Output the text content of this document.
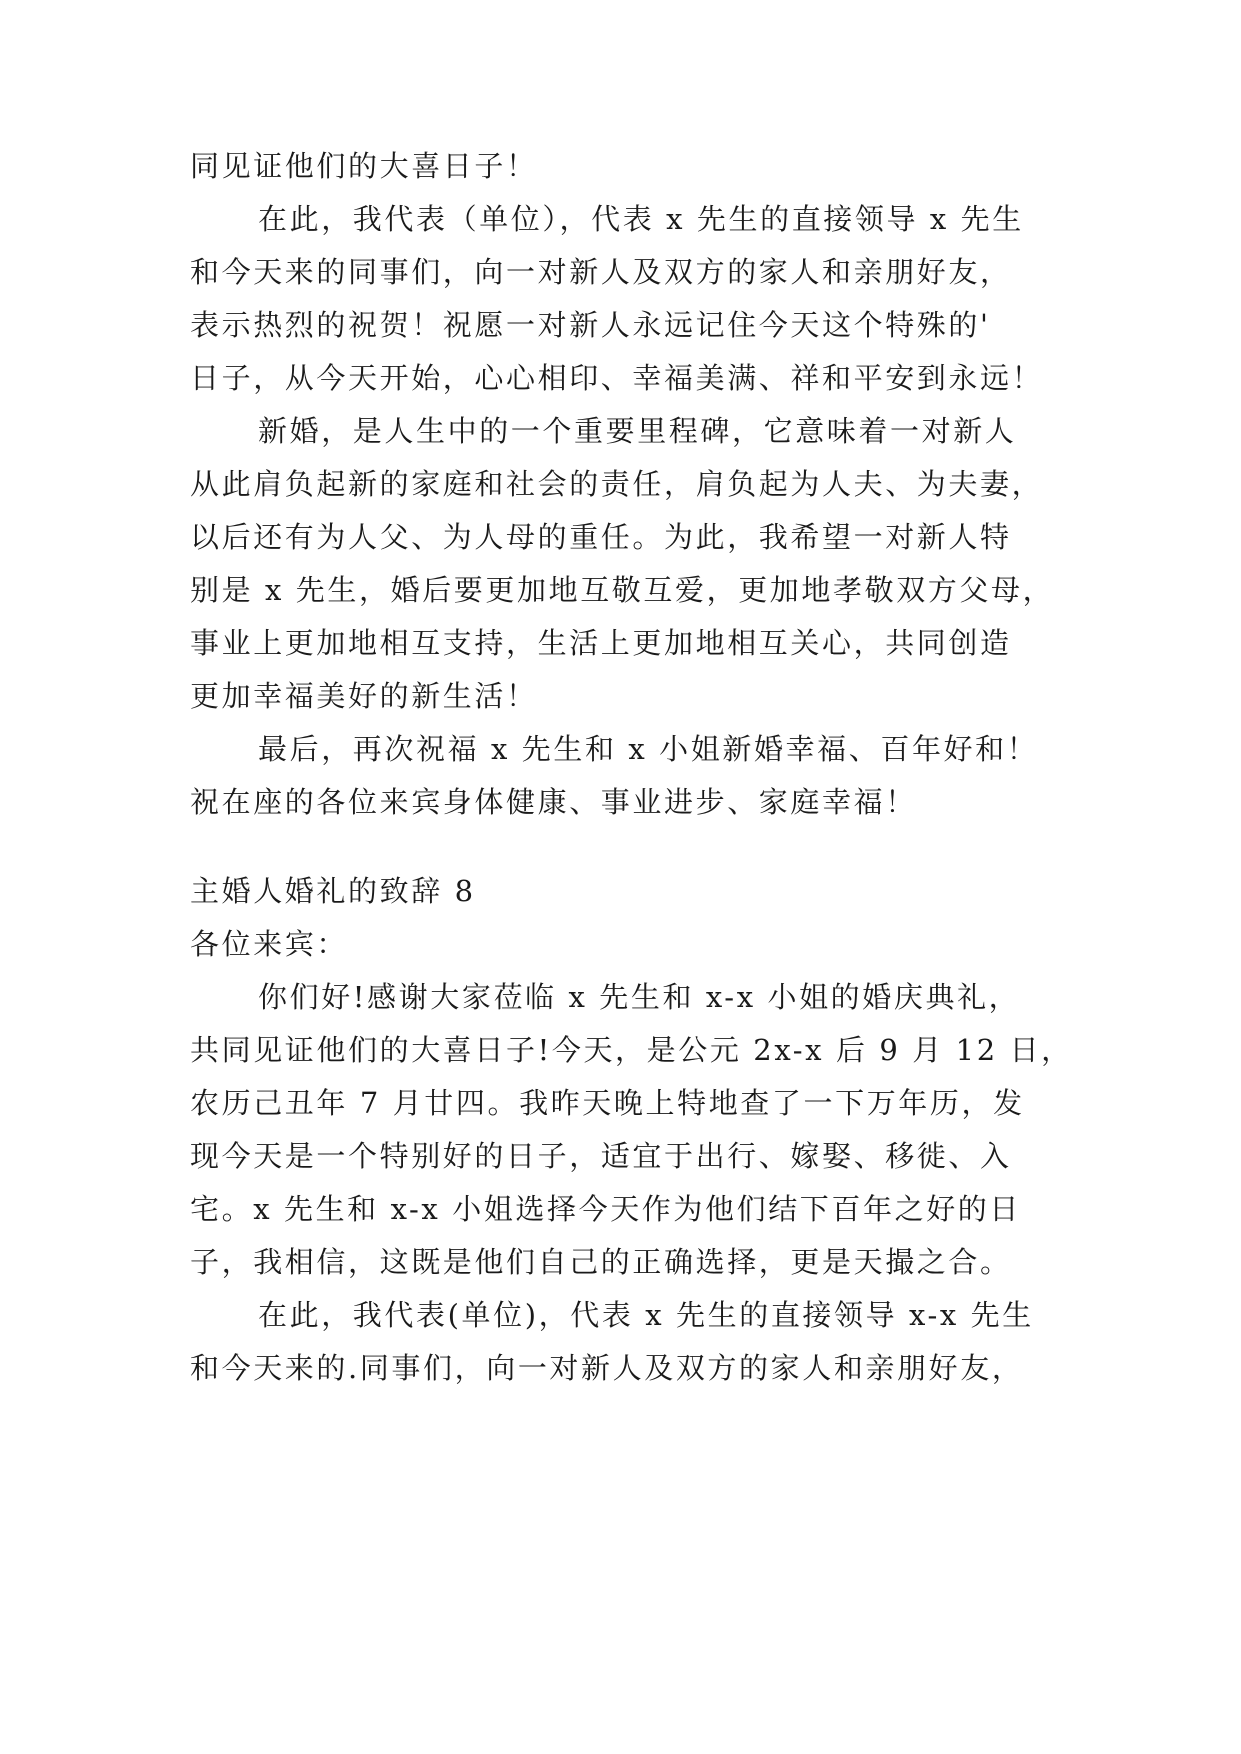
同见证他们的大喜日子！
在此，我代表（单位），代表 x 先生的直接领导 x 先生
和今天来的同事们，向一对新人及双方的家人和亲朋好友，
表示热烈的祝贺！祝愿一对新人永远记住今天这个特殊的'
日子，从今天开始，心心相印、幸福美满、祥和平安到永远！
新婚，是人生中的一个重要里程碑，它意味着一对新人
从此肩负起新的家庭和社会的责任，肩负起为人夫、为夫妻，
以后还有为人父、为人母的重任。为此，我希望一对新人特
别是 x 先生，婚后要更加地互敬互爱，更加地孝敬双方父母，
事业上更加地相互支持，生活上更加地相互关心，共同创造
更加幸福美好的新生活！
最后，再次祝福 x 先生和 x 小姐新婚幸福、百年好和！
祝在座的各位来宾身体健康、事业进步、家庭幸福！
主婚人婚礼的致辞 8
各位来宾：
你们好!感谢大家莅临 x 先生和 x-x 小姐的婚庆典礼，
共同见证他们的大喜日子!今天，是公元 2x-x 后 9 月 12 日，
农历己丑年 7 月廿四。我昨天晚上特地查了一下万年历，发
现今天是一个特别好的日子，适宜于出行、嫁娶、移徙、入
宅。x 先生和 x-x 小姐选择今天作为他们结下百年之好的日
子，我相信，这既是他们自己的正确选择，更是天撮之合。
在此，我代表(单位)，代表 x 先生的直接领导 x-x 先生
和今天来的.同事们，向一对新人及双方的家人和亲朋好友，
